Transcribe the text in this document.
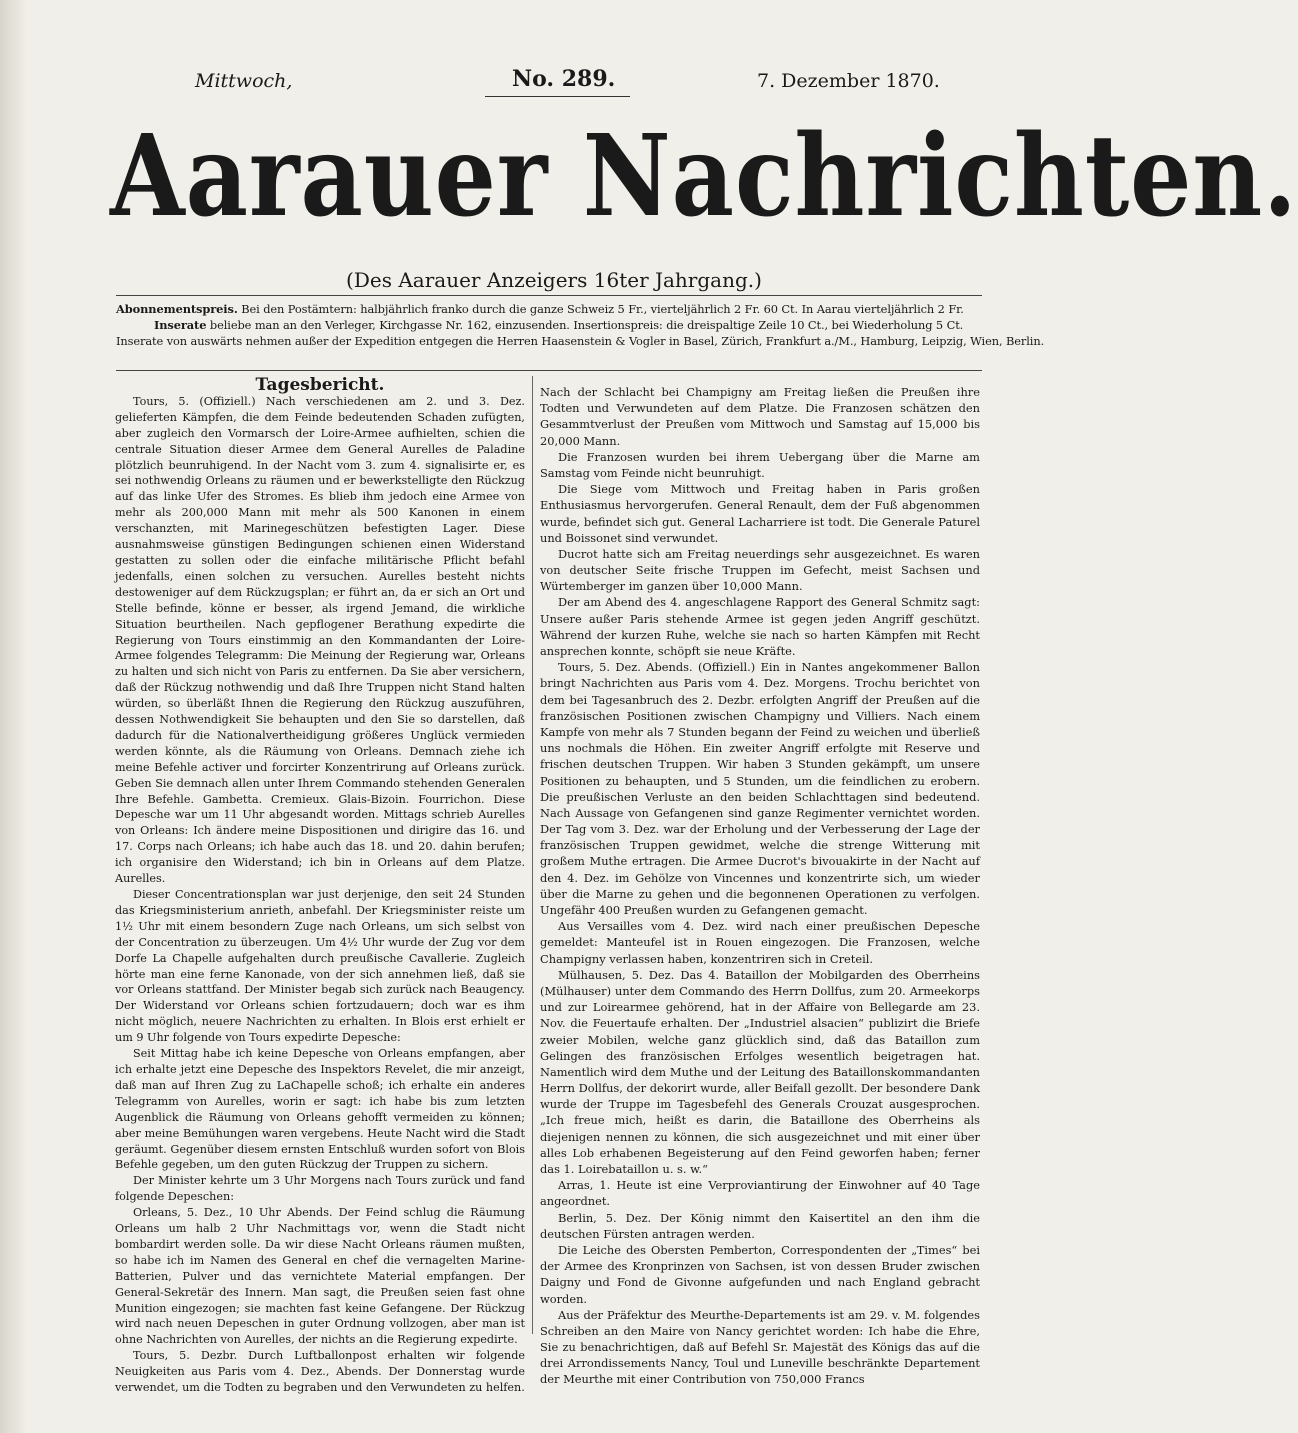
Mittwoch,	No. 289.	7. Dezember 1870.
Aarauer Nachrichten.
(Des Aarauer Anzeigers 16ter Jahrgang.)
Abonnementspreis. Bei den Postämtern: halbjährlich franko durch die ganze Schweiz 5 Fr., vierteljährlich 2 Fr. 60 Ct. In Aarau vierteljährlich 2 Fr.
Inserate beliebe man an den Verleger, Kirchgasse Nr. 162, einzusenden. Insertionspreis: die dreispaltige Zeile 10 Ct., bei Wiederholung 5 Ct.
Inserate von auswärts nehmen außer der Expedition entgegen die Herren Haasenstein & Vogler in Basel, Zürich, Frankfurt a./M., Hamburg, Leipzig, Wien, Berlin.

Tagesbericht.

Tours, 5. (Offiziell.) Nach verschiedenen am 2. und 3. Dez. gelieferten Kämpfen, die dem Feinde bedeutenden Schaden zufügten, aber zugleich den Vormarsch der Loire-Armee aufhielten, schien die centrale Situation dieser Armee dem General Aurelles de Paladine plötzlich beunruhigend. In der Nacht vom 3. zum 4. signalisirte er, es sei nothwendig Orleans zu räumen und er bewerkstelligte den Rückzug auf das linke Ufer des Stromes. Es blieb ihm jedoch eine Armee von mehr als 200,000 Mann mit mehr als 500 Kanonen in einem verschanzten, mit Marinegeschützen befestigten Lager. Diese ausnahmsweise günstigen Bedingungen schienen einen Widerstand gestatten zu sollen oder die einfache militärische Pflicht befahl jedenfalls, einen solchen zu versuchen. Aurelles besteht nichts destoweniger auf dem Rückzugsplan; er führt an, da er sich an Ort und Stelle befinde, könne er besser, als irgend Jemand, die wirkliche Situation beurtheilen. Nach gepflogener Berathung expedirte die Regierung von Tours einstimmig an den Kommandanten der Loire-Armee folgendes Telegramm: Die Meinung der Regierung war, Orleans zu halten und sich nicht von Paris zu entfernen. Da Sie aber versichern, daß der Rückzug nothwendig und daß Ihre Truppen nicht Stand halten würden, so überläßt Ihnen die Regierung den Rückzug auszuführen, dessen Nothwendigkeit Sie behaupten und den Sie so darstellen, daß dadurch für die Nationalvertheidigung größeres Unglück vermieden werden könnte, als die Räumung von Orleans. Demnach ziehe ich meine Befehle activer und forcirter Konzentrirung auf Orleans zurück. Geben Sie demnach allen unter Ihrem Commando stehenden Generalen Ihre Befehle. Gambetta. Cremieux. Glais-Bizoin. Fourrichon. Diese Depesche war um 11 Uhr abgesandt worden. Mittags schrieb Aurelles von Orleans: Ich ändere meine Dispositionen und dirigire das 16. und 17. Corps nach Orleans; ich habe auch das 18. und 20. dahin berufen; ich organisire den Widerstand; ich bin in Orleans auf dem Platze. Aurelles.

Dieser Concentrationsplan war just derjenige, den seit 24 Stunden das Kriegsministerium anrieth, anbefahl. Der Kriegsminister reiste um 1½ Uhr mit einem besondern Zuge nach Orleans, um sich selbst von der Concentration zu überzeugen. Um 4½ Uhr wurde der Zug vor dem Dorfe La Chapelle aufgehalten durch preußische Cavallerie. Zugleich hörte man eine ferne Kanonade, von der sich annehmen ließ, daß sie vor Orleans stattfand. Der Minister begab sich zurück nach Beaugency. Der Widerstand vor Orleans schien fortzudauern; doch war es ihm nicht möglich, neuere Nachrichten zu erhalten. In Blois erst erhielt er um 9 Uhr folgende von Tours expedirte Depesche:

Seit Mittag habe ich keine Depesche von Orleans empfangen, aber ich erhalte jetzt eine Depesche des Inspektors Revelet, die mir anzeigt, daß man auf Ihren Zug zu LaChapelle schoß; ich erhalte ein anderes Telegramm von Aurelles, worin er sagt: ich habe bis zum letzten Augenblick die Räumung von Orleans gehofft vermeiden zu können; aber meine Bemühungen waren vergebens. Heute Nacht wird die Stadt geräumt. Gegenüber diesem ernsten Entschluß wurden sofort von Blois Befehle gegeben, um den guten Rückzug der Truppen zu sichern.

Der Minister kehrte um 3 Uhr Morgens nach Tours zurück und fand folgende Depeschen:

Orleans, 5. Dez., 10 Uhr Abends. Der Feind schlug die Räumung Orleans um halb 2 Uhr Nachmittags vor, wenn die Stadt nicht bombardirt werden solle. Da wir diese Nacht Orleans räumen mußten, so habe ich im Namen des General en chef die vernagelten Marine-Batterien, Pulver und das vernichtete Material empfangen. Der General-Sekretär des Innern. Man sagt, die Preußen seien fast ohne Munition eingezogen; sie machten fast keine Gefangene. Der Rückzug wird nach neuen Depeschen in guter Ordnung vollzogen, aber man ist ohne Nachrichten von Aurelles, der nichts an die Regierung expedirte.

Tours, 5. Dezbr. Durch Luftballonpost erhalten wir folgende Neuigkeiten aus Paris vom 4. Dez., Abends. Der Donnerstag wurde verwendet, um die Todten zu begraben und den Verwundeten zu helfen.

Nach der Schlacht bei Champigny am Freitag ließen die Preußen ihre Todten und Verwundeten auf dem Platze. Die Franzosen schätzen den Gesammtverlust der Preußen vom Mittwoch und Samstag auf 15,000 bis 20,000 Mann.

Die Franzosen wurden bei ihrem Uebergang über die Marne am Samstag vom Feinde nicht beunruhigt.

Die Siege vom Mittwoch und Freitag haben in Paris großen Enthusiasmus hervorgerufen. General Renault, dem der Fuß abgenommen wurde, befindet sich gut. General Lacharriere ist todt. Die Generale Paturel und Boissonet sind verwundet.

Ducrot hatte sich am Freitag neuerdings sehr ausgezeichnet. Es waren von deutscher Seite frische Truppen im Gefecht, meist Sachsen und Würtemberger im ganzen über 10,000 Mann.

Der am Abend des 4. angeschlagene Rapport des General Schmitz sagt: Unsere außer Paris stehende Armee ist gegen jeden Angriff geschützt. Während der kurzen Ruhe, welche sie nach so harten Kämpfen mit Recht ansprechen konnte, schöpft sie neue Kräfte.

Tours, 5. Dez. Abends. (Offiziell.) Ein in Nantes angekommener Ballon bringt Nachrichten aus Paris vom 4. Dez. Morgens. Trochu berichtet von dem bei Tagesanbruch des 2. Dezbr. erfolgten Angriff der Preußen auf die französischen Positionen zwischen Champigny und Villiers. Nach einem Kampfe von mehr als 7 Stunden begann der Feind zu weichen und überließ uns nochmals die Höhen. Ein zweiter Angriff erfolgte mit Reserve und frischen deutschen Truppen. Wir haben 3 Stunden gekämpft, um unsere Positionen zu behaupten, und 5 Stunden, um die feindlichen zu erobern. Die preußischen Verluste an den beiden Schlachttagen sind bedeutend. Nach Aussage von Gefangenen sind ganze Regimenter vernichtet worden. Der Tag vom 3. Dez. war der Erholung und der Verbesserung der Lage der französischen Truppen gewidmet, welche die strenge Witterung mit großem Muthe ertragen. Die Armee Ducrot's bivouakirte in der Nacht auf den 4. Dez. im Gehölze von Vincennes und konzentrirte sich, um wieder über die Marne zu gehen und die begonnenen Operationen zu verfolgen. Ungefähr 400 Preußen wurden zu Gefangenen gemacht.

Aus Versailles vom 4. Dez. wird nach einer preußischen Depesche gemeldet: Manteufel ist in Rouen eingezogen. Die Franzosen, welche Champigny verlassen haben, konzentriren sich in Creteil.

Mülhausen, 5. Dez. Das 4. Bataillon der Mobilgarden des Oberrheins (Mülhauser) unter dem Commando des Herrn Dollfus, zum 20. Armeekorps und zur Loirearmee gehörend, hat in der Affaire von Bellegarde am 23. Nov. die Feuertaufe erhalten. Der „Industriel alsacien“ publizirt die Briefe zweier Mobilen, welche ganz glücklich sind, daß das Bataillon zum Gelingen des französischen Erfolges wesentlich beigetragen hat. Namentlich wird dem Muthe und der Leitung des Bataillonskommandanten Herrn Dollfus, der dekorirt wurde, aller Beifall gezollt. Der besondere Dank wurde der Truppe im Tagesbefehl des Generals Crouzat ausgesprochen. „Ich freue mich, heißt es darin, die Bataillone des Oberrheins als diejenigen nennen zu können, die sich ausgezeichnet und mit einer über alles Lob erhabenen Begeisterung auf den Feind geworfen haben; ferner das 1. Loirebataillon u. s. w.“

Arras, 1. Heute ist eine Verproviantirung der Einwohner auf 40 Tage angeordnet.

Berlin, 5. Dez. Der König nimmt den Kaisertitel an den ihm die deutschen Fürsten antragen werden.

Die Leiche des Obersten Pemberton, Correspondenten der „Times“ bei der Armee des Kronprinzen von Sachsen, ist von dessen Bruder zwischen Daigny und Fond de Givonne aufgefunden und nach England gebracht worden.

Aus der Präfektur des Meurthe-Departements ist am 29. v. M. folgendes Schreiben an den Maire von Nancy gerichtet worden: Ich habe die Ehre, Sie zu benachrichtigen, daß auf Befehl Sr. Majestät des Königs das auf die drei Arrondissements Nancy, Toul und Luneville beschränkte Departement der Meurthe mit einer Contribution von 750,000 Francs
